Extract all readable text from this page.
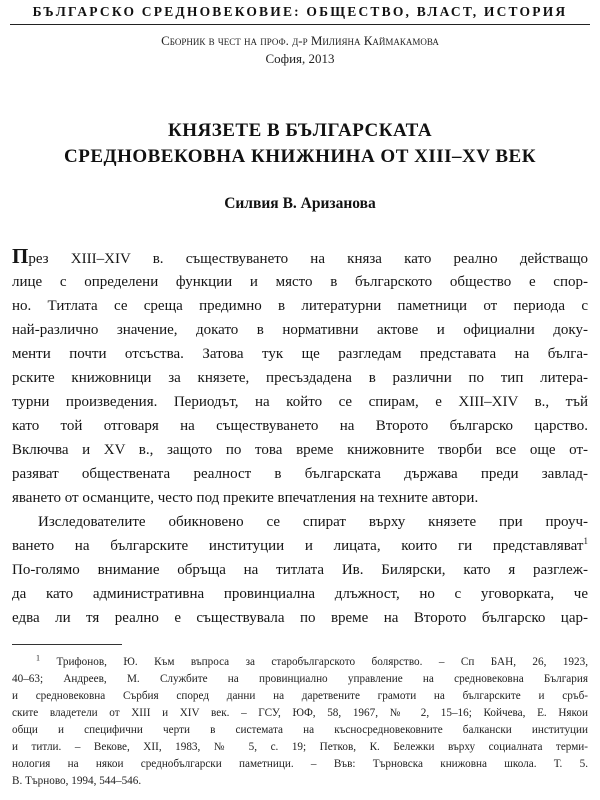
БЪЛГАРСКО СРЕДНОВЕКОВИЕ: ОБЩЕСТВО, ВЛАСТ, ИСТОРИЯ
Сборник в чест на проф. д-р Милияна Каймакамова
София, 2013
КНЯЗЕТЕ В БЪЛГАРСКАТА
СРЕДНОВЕКОВНА КНИЖНИНА ОТ XIII–XV ВЕК
Силвия В. Аризанова
През XIII–XIV в. съществуването на княза като реално действащо
лице с определени функции и място в българското общество е спор-
но. Титлата се среща предимно в литературни паметници от периода с
най-различно значение, докато в нормативни актове и официални доку-
менти почти отсъства. Затова тук ще разгледам представата на бълга-
рските книжовници за князете, пресъздадена в различни по тип литера-
турни произведения. Периодът, на който се спирам, е XIII–XIV в., тъй
като той отговаря на съществуването на Второто българско царство.
Включва и XV в., защото по това време книжовните творби все още от-
разяват обществената реалност в българската държава преди завлад-
яването от османците, често под преките впечатления на техните автори.
Изследователите обикновено се спират върху князете при проуч-
ването на българските институции и лицата, които ги представляват$^1$
По-голямо внимание обръща на титлата Ив. Билярски, като я разглеж-
да като административна провинциална длъжност, но с уговорката, че
едва ли тя реално е съществувала по време на Второто българско цар-
$^1$ Трифонов, Ю. Към въпроса за старобългарското болярство. – Сп БАН, 26, 1923,
40–63; Андреев, М. Службите на провинциално управление на средновековна България
и средновековна Сърбия според данни на даретвените грамоти на българските и сръб-
ските владетели от XIII и XIV век. – ГСУ, ЮФ, 58, 1967, № 2, 15–16; Койчева, Е. Някои
общи и специфични черти в системата на късносредновековните балкански институции
и титли. – Векове, XII, 1983, № 5, с. 19; Петков, К. Бележки върху социалната терми-
нология на някои среднобългарски паметници. – Във: Търновска книжовна школа. Т. 5.
В. Търново, 1994, 544–546.
